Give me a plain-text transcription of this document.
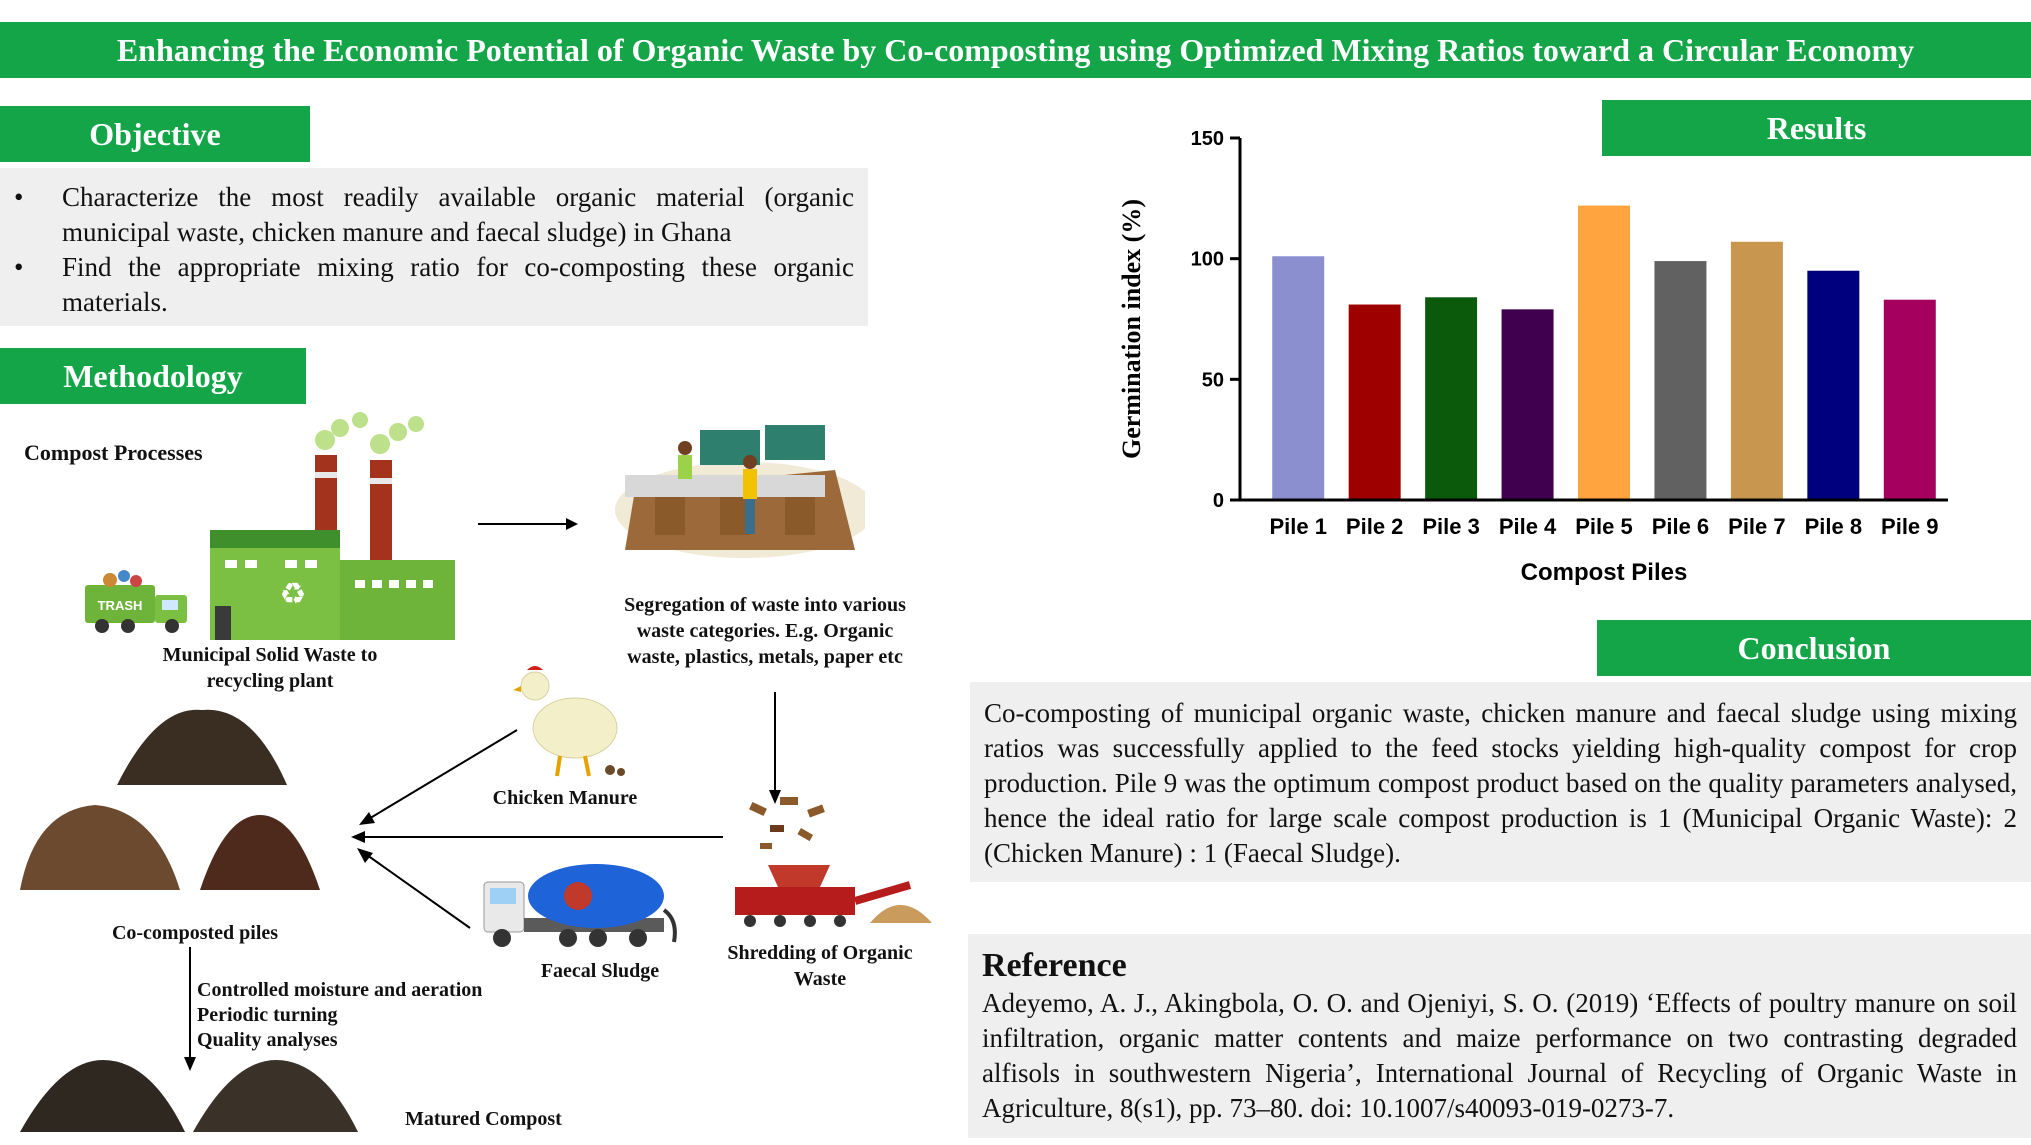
Enhancing the Economic Potential of Organic Waste by Co-composting using Optimized Mixing Ratios toward a Circular Economy
Objective
• Characterize the most readily available organic material (organic municipal waste, chicken manure and faecal sludge) in Ghana
• Find the appropriate mixing ratio for co-composting these organic materials.
Methodology
Compost Processes
♻
TRASH
Municipal Solid Waste to recycling plant
Segregation of waste into various waste categories. E.g. Organic waste, plastics, metals, paper etc
Shredding of Organic Waste
Chicken Manure
Faecal Sludge
Co-composted piles
Controlled moisture and aeration
Periodic turning
Quality analyses
Matured Compost
Results
0
50
100
150
Pile 1 Pile 2 Pile 3 Pile 4 Pile 5 Pile 6 Pile 7 Pile 8 Pile 9
Germination index (%)
Compost Piles
Conclusion

Co-composting of municipal organic waste, chicken manure and faecal sludge using mixing ratios was successfully applied to the feed stocks yielding high-quality compost for crop production. Pile 9 was the optimum compost product based on the quality parameters analysed, hence the ideal ratio for large scale compost production is 1 (Municipal Organic Waste): 2 (Chicken Manure) : 1 (Faecal Sludge).

Reference

Adeyemo, A. J., Akingbola, O. O. and Ojeniyi, S. O. (2019) ‘Effects of poultry manure on soil infiltration, organic matter contents and maize performance on two contrasting degraded alfisols in southwestern Nigeria’, International Journal of Recycling of Organic Waste in Agriculture, 8(s1), pp. 73–80. doi: 10.1007/s40093-019-0273-7.
